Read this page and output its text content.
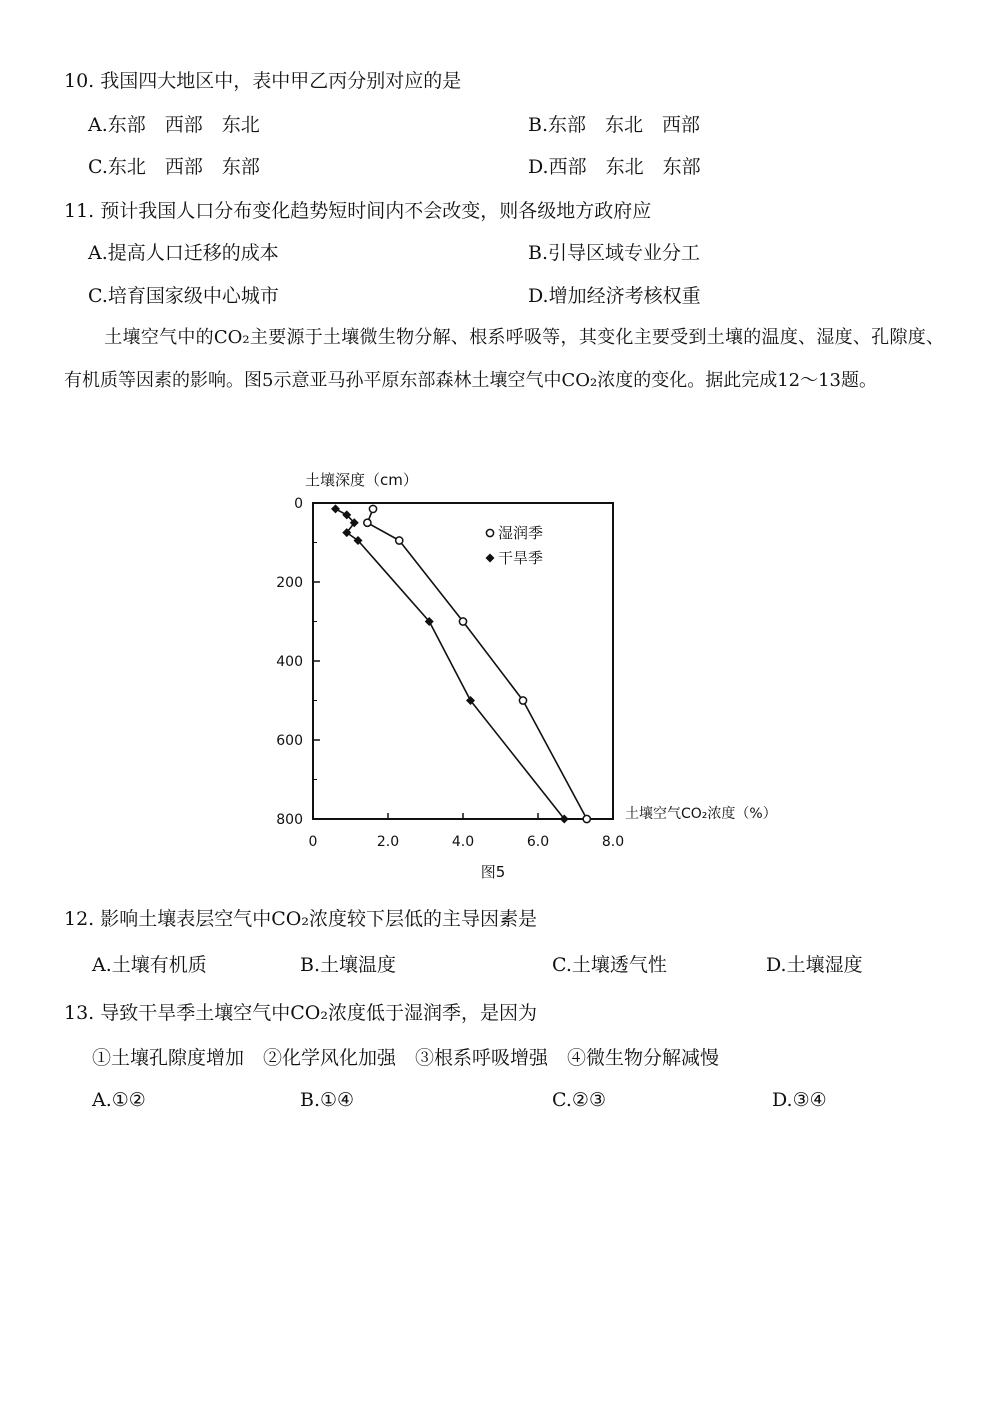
10. 我国四大地区中，表中甲乙丙分别对应的是
A.东部　西部　东北	B.东部　东北　西部
C.东北　西部　东部	D.西部　东北　东部
11. 预计我国人口分布变化趋势短时间内不会改变，则各级地方政府应
A.提高人口迁移的成本	B.引导区域专业分工
C.培育国家级中心城市	D.增加经济考核权重
土壤空气中的CO₂主要源于土壤微生物分解、根系呼吸等，其变化主要受到土壤的温度、湿度、孔隙度、有机质等因素的影响。图5示意亚马孙平原东部森林土壤空气中CO₂浓度的变化。据此完成12～13题。
0
200
400
600
800
0	2.0	4.0	6.0	8.0
土壤深度（cm）
土壤空气CO₂浓度（%）
图5
湿润季
干旱季
12. 影响土壤表层空气中CO₂浓度较下层低的主导因素是
A.土壤有机质	B.土壤温度	C.土壤透气性	D.土壤湿度
13. 导致干旱季土壤空气中CO₂浓度低于湿润季，是因为
①土壤孔隙度增加　②化学风化加强　③根系呼吸增强　④微生物分解减慢
A.①②	B.①④	C.②③	D.③④
